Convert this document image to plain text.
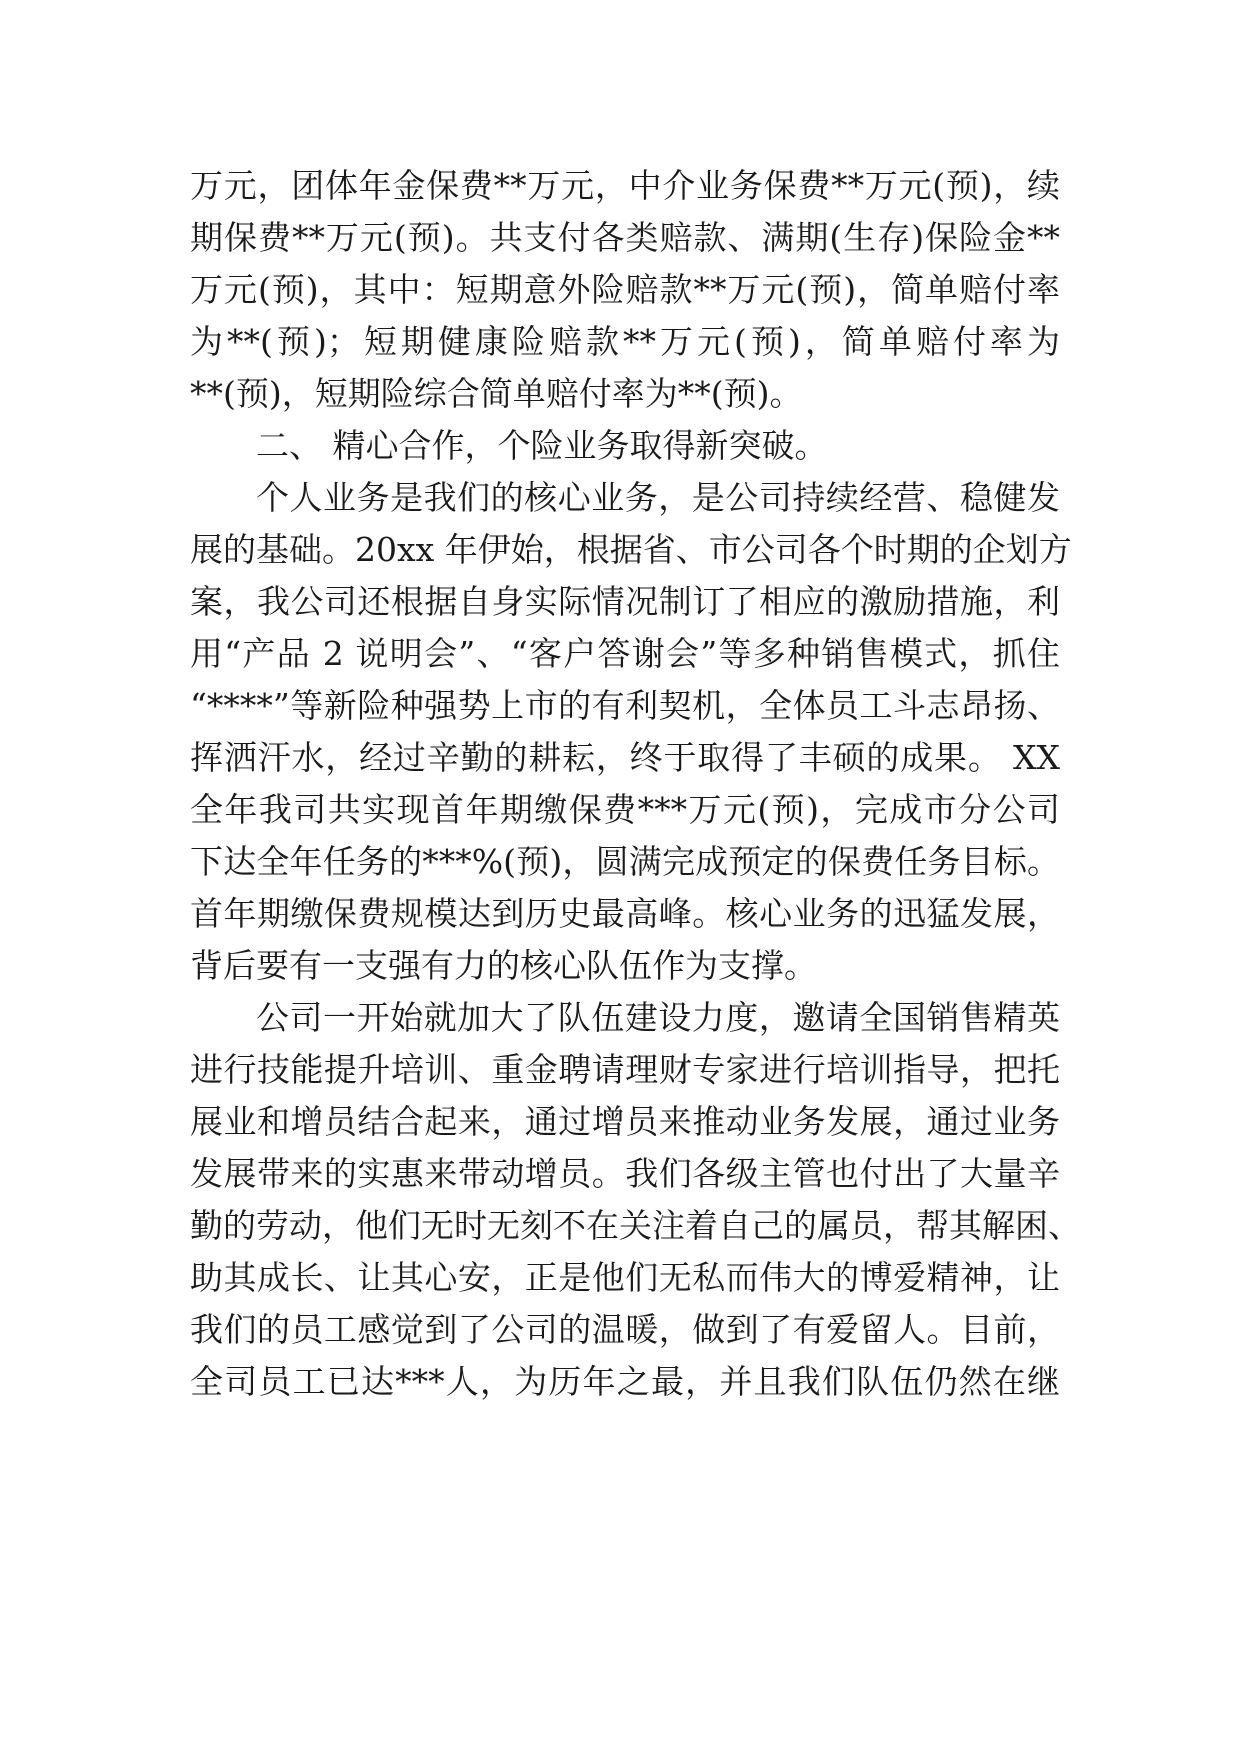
万元，团体年金保费**万元，中介业务保费**万元(预)，续
期保费**万元(预)。共支付各类赔款、满期(生存)保险金**
万元(预)，其中：短期意外险赔款**万元(预)，简单赔付率
为**(预)；短期健康险赔款**万元(预)，简单赔付率为
**(预)，短期险综合简单赔付率为**(预)。
二、 精心合作，个险业务取得新突破。
个人业务是我们的核心业务，是公司持续经营、稳健发
展的基础。20xx 年伊始，根据省、市公司各个时期的企划方
案，我公司还根据自身实际情况制订了相应的激励措施，利
用“产品 2 说明会”、“客户答谢会”等多种销售模式，抓住
“****”等新险种强势上市的有利契机，全体员工斗志昂扬、
挥洒汗水，经过辛勤的耕耘，终于取得了丰硕的成果。 XX
全年我司共实现首年期缴保费***万元(预)，完成市分公司
下达全年任务的***%(预)，圆满完成预定的保费任务目标。
首年期缴保费规模达到历史最高峰。核心业务的迅猛发展，
背后要有一支强有力的核心队伍作为支撑。
公司一开始就加大了队伍建设力度，邀请全国销售精英
进行技能提升培训、重金聘请理财专家进行培训指导，把托
展业和增员结合起来，通过增员来推动业务发展，通过业务
发展带来的实惠来带动增员。我们各级主管也付出了大量辛
勤的劳动，他们无时无刻不在关注着自己的属员，帮其解困、
助其成长、让其心安，正是他们无私而伟大的博爱精神，让
我们的员工感觉到了公司的温暖，做到了有爱留人。目前，
全司员工已达***人，为历年之最，并且我们队伍仍然在继
